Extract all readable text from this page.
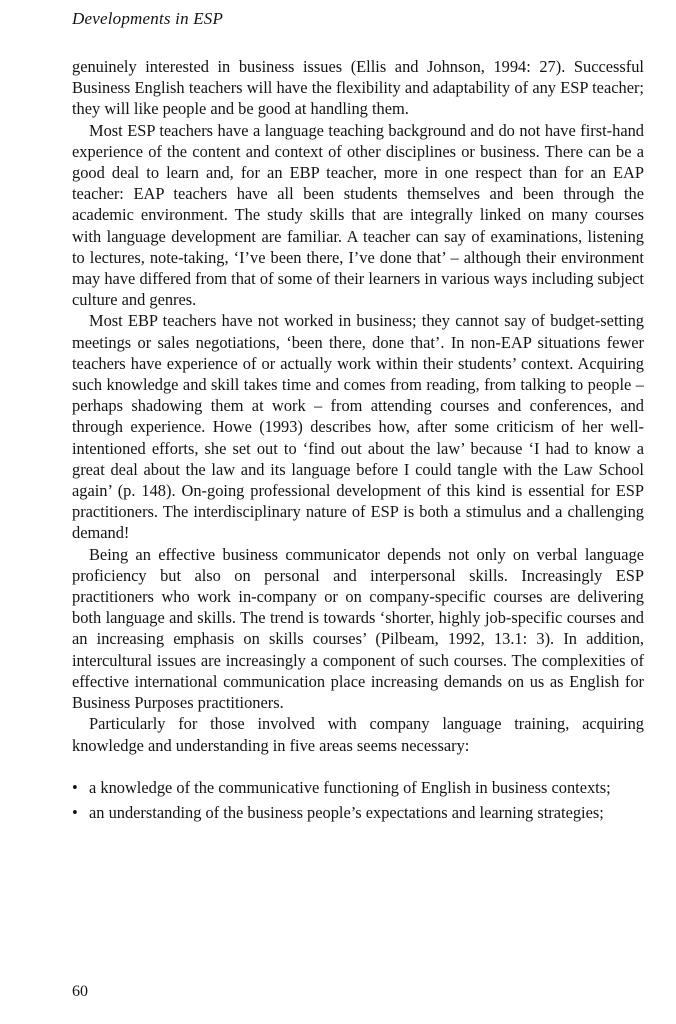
Developments in ESP

genuinely interested in business issues (Ellis and Johnson, 1994: 27). Successful Business English teachers will have the flexibility and adaptability of any ESP teacher; they will like people and be good at handling them.

Most ESP teachers have a language teaching background and do not have first-hand experience of the content and context of other disciplines or business. There can be a good deal to learn and, for an EBP teacher, more in one respect than for an EAP teacher: EAP teachers have all been students themselves and been through the academic environment. The study skills that are integrally linked on many courses with language development are familiar. A teacher can say of examinations, listening to lectures, note-taking, ‘I’ve been there, I’ve done that’ – although their environment may have differed from that of some of their learners in various ways including subject culture and genres.

Most EBP teachers have not worked in business; they cannot say of budget-setting meetings or sales negotiations, ‘been there, done that’. In non-EAP situations fewer teachers have experience of or actually work within their students’ context. Acquiring such knowledge and skill takes time and comes from reading, from talking to people – perhaps shadowing them at work – from attending courses and conferences, and through experience. Howe (1993) describes how, after some criticism of her well-intentioned efforts, she set out to ‘find out about the law’ because ‘I had to know a great deal about the law and its language before I could tangle with the Law School again’ (p. 148). On-going professional development of this kind is essential for ESP practitioners. The interdisciplinary nature of ESP is both a stimulus and a challenging demand!

Being an effective business communicator depends not only on verbal language proficiency but also on personal and interpersonal skills. Increasingly ESP practitioners who work in-company or on company-specific courses are delivering both language and skills. The trend is towards ‘shorter, highly job-specific courses and an increasing emphasis on skills courses’ (Pilbeam, 1992, 13.1: 3). In addition, intercultural issues are increasingly a component of such courses. The complexities of effective international communication place increasing demands on us as English for Business Purposes practitioners.

Particularly for those involved with company language training, acquiring knowledge and understanding in five areas seems necessary:

• a knowledge of the communicative functioning of English in business contexts;
• an understanding of the business people’s expectations and learning strategies;
60
